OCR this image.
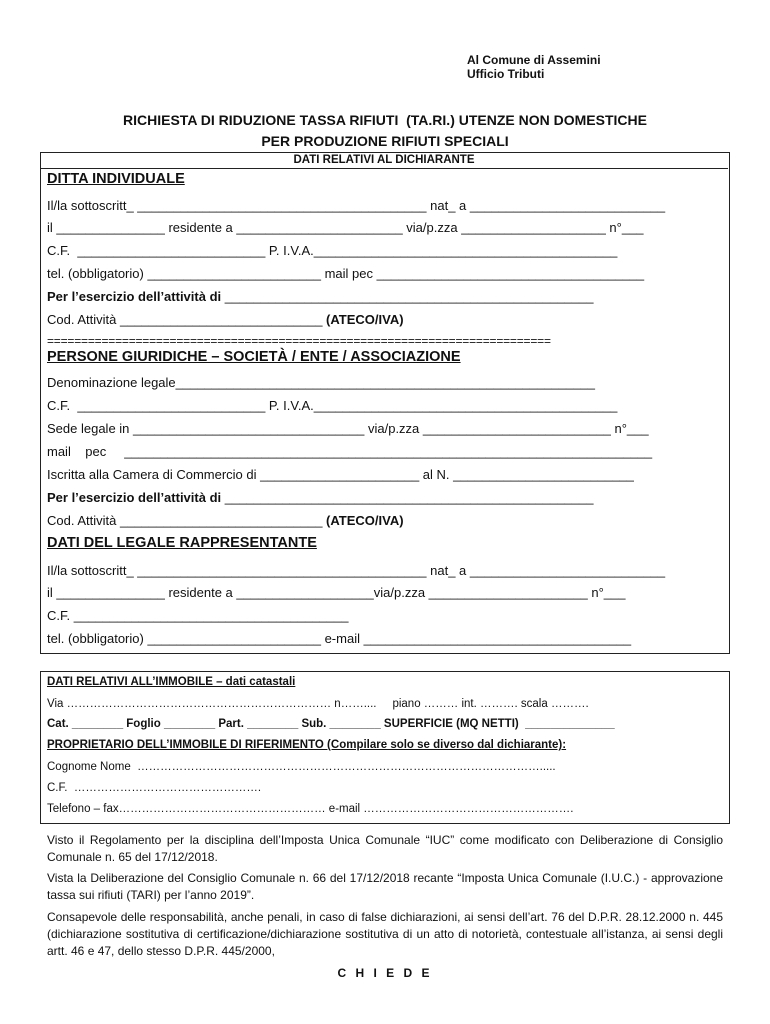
Al Comune di Assemini
Ufficio Tributi
RICHIESTA DI RIDUZIONE TASSA RIFIUTI  (TA.RI.) UTENZE NON DOMESTICHE
PER PRODUZIONE RIFIUTI SPECIALI
DATI RELATIVI AL DICHIARANTE
DITTA INDIVIDUALE
Il/la sottoscritt_ ________________________________________ nat_ a ___________________________
il _______________ residente a _______________________ via/p.zza ____________________ n°___
C.F.  __________________________ P. I.V.A.__________________________________________
tel. (obbligatorio) ________________________ mail pec _____________________________________
Per l’esercizio dell’attività di ___________________________________________________
Cod. Attività ____________________________ (ATECO/IVA)
==========================================================================
PERSONE GIURIDICHE – SOCIETÀ / ENTE / ASSOCIAZIONE
Denominazione legale__________________________________________________________
C.F.  __________________________ P. I.V.A.__________________________________________
Sede legale in ________________________________ via/p.zza __________________________ n°___
mail    pec     _________________________________________________________________________
Iscritta alla Camera di Commercio di ______________________ al N. _________________________
Per l’esercizio dell’attività di ___________________________________________________
Cod. Attività ____________________________ (ATECO/IVA)
DATI DEL LEGALE RAPPRESENTANTE
Il/la sottoscritt_ ________________________________________ nat_ a ___________________________
il _______________ residente a ___________________via/p.zza ______________________ n°___
C.F. ______________________________________
tel. (obbligatorio) ________________________ e-mail _____________________________________
DATI RELATIVI ALL’IMMOBILE – dati catastali
Via …………………………………………………………… n……....     piano ……… int. ………. scala ……….
Cat. ________ Foglio ________ Part. ________ Sub. ________ SUPERFICIE (MQ NETTI)  ______________
PROPRIETARIO DELL’IMMOBILE DI RIFERIMENTO (Compilare solo se diverso dal dichiarante):
Cognome Nome  …………………………………………………………………………………………….....
C.F.  ………………………………………….
Telefono – fax……………………………………………… e-mail ……………………………………………….
Visto il Regolamento per la disciplina dell’Imposta Unica Comunale “IUC” come modificato con Deliberazione di Consiglio Comunale n. 65 del 17/12/2018.
Vista la Deliberazione del Consiglio Comunale n. 66 del 17/12/2018 recante “Imposta Unica Comunale (I.U.C.) - approvazione tassa sui rifiuti (TARI) per l’anno 2019”.
Consapevole delle responsabilità, anche penali, in caso di false dichiarazioni, ai sensi dell’art. 76 del D.P.R. 28.12.2000 n. 445 (dichiarazione sostitutiva di certificazione/dichiarazione sostitutiva di un atto di notorietà, contestuale all’istanza, ai sensi degli artt. 46 e 47, dello stesso D.P.R. 445/2000,
C H I E D E
